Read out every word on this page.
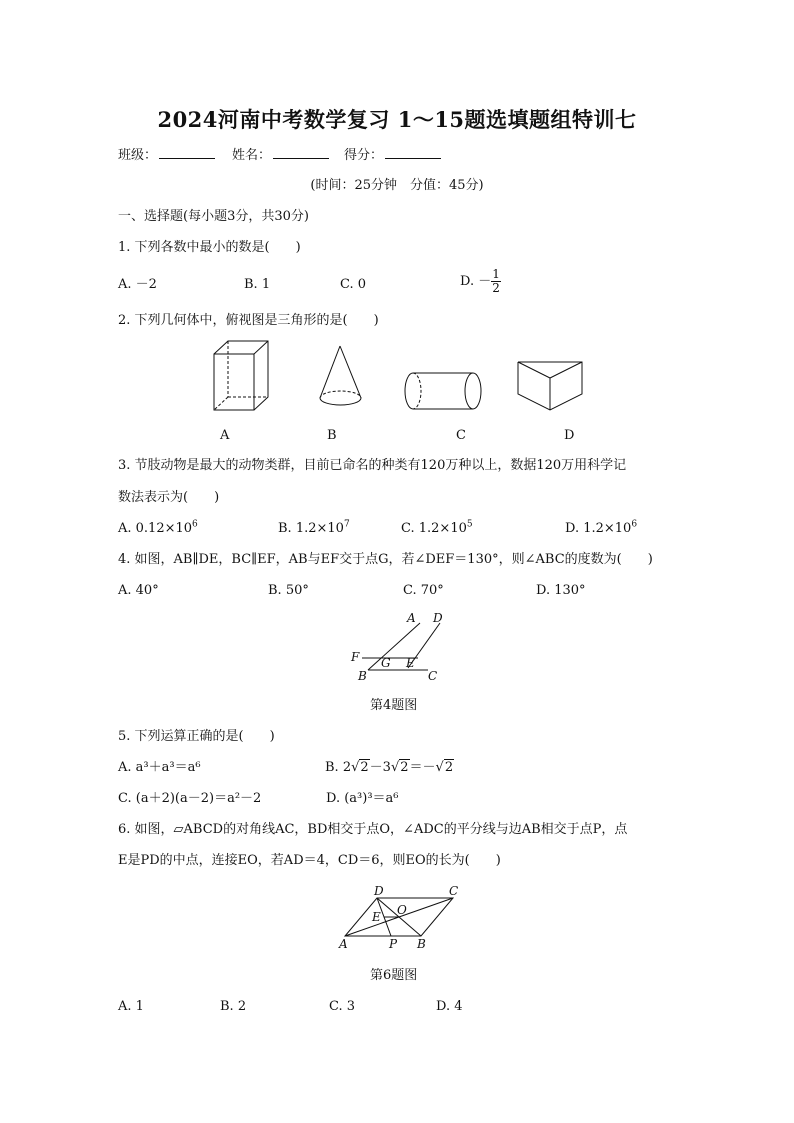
2024河南中考数学复习 1～15题选填题组特训七
班级：	姓名：	得分：
(时间：25分钟　分值：45分)
一、选择题(每小题3分，共30分)
1. 下列各数中最小的数是(　　)
A. －2	B. 1	C. 0	D. － $\frac{1}{2}$
2. 下列几何体中，俯视图是三角形的是(　　)
A	B	C	D
3. 节肢动物是最大的动物类群，目前已命名的种类有120万种以上，数据120万用科学记
数法表示为(　　)
A. $0.12\times 10^6$	B. $1.2\times 10^7$	C. $1.2\times 10^5$	D. $1.2\times 10^6$
4. 如图，AB∥DE，BC∥EF，AB与EF交于点G，若∠DEF＝130°，则∠ABC的度数为(　　)
A. 40°	B. 50°	C. 70°	D. 130°
A D
F G E
B	C
第4题图
5. 下列运算正确的是(　　)
A. a³＋a³＝a⁶	B. 2√2－3√2＝－√2
C. (a＋2)(a－2)＝a²－2	D. (a³)³＝a⁶
6. 如图，▱ABCD的对角线AC，BD相交于点O，∠ADC的平分线与边AB相交于点P，点
E是PD的中点，连接EO，若AD＝4，CD＝6，则EO的长为(　　)
D	C
E O
A	P B
第6题图
A. 1	B. 2	C. 3	D. 4
